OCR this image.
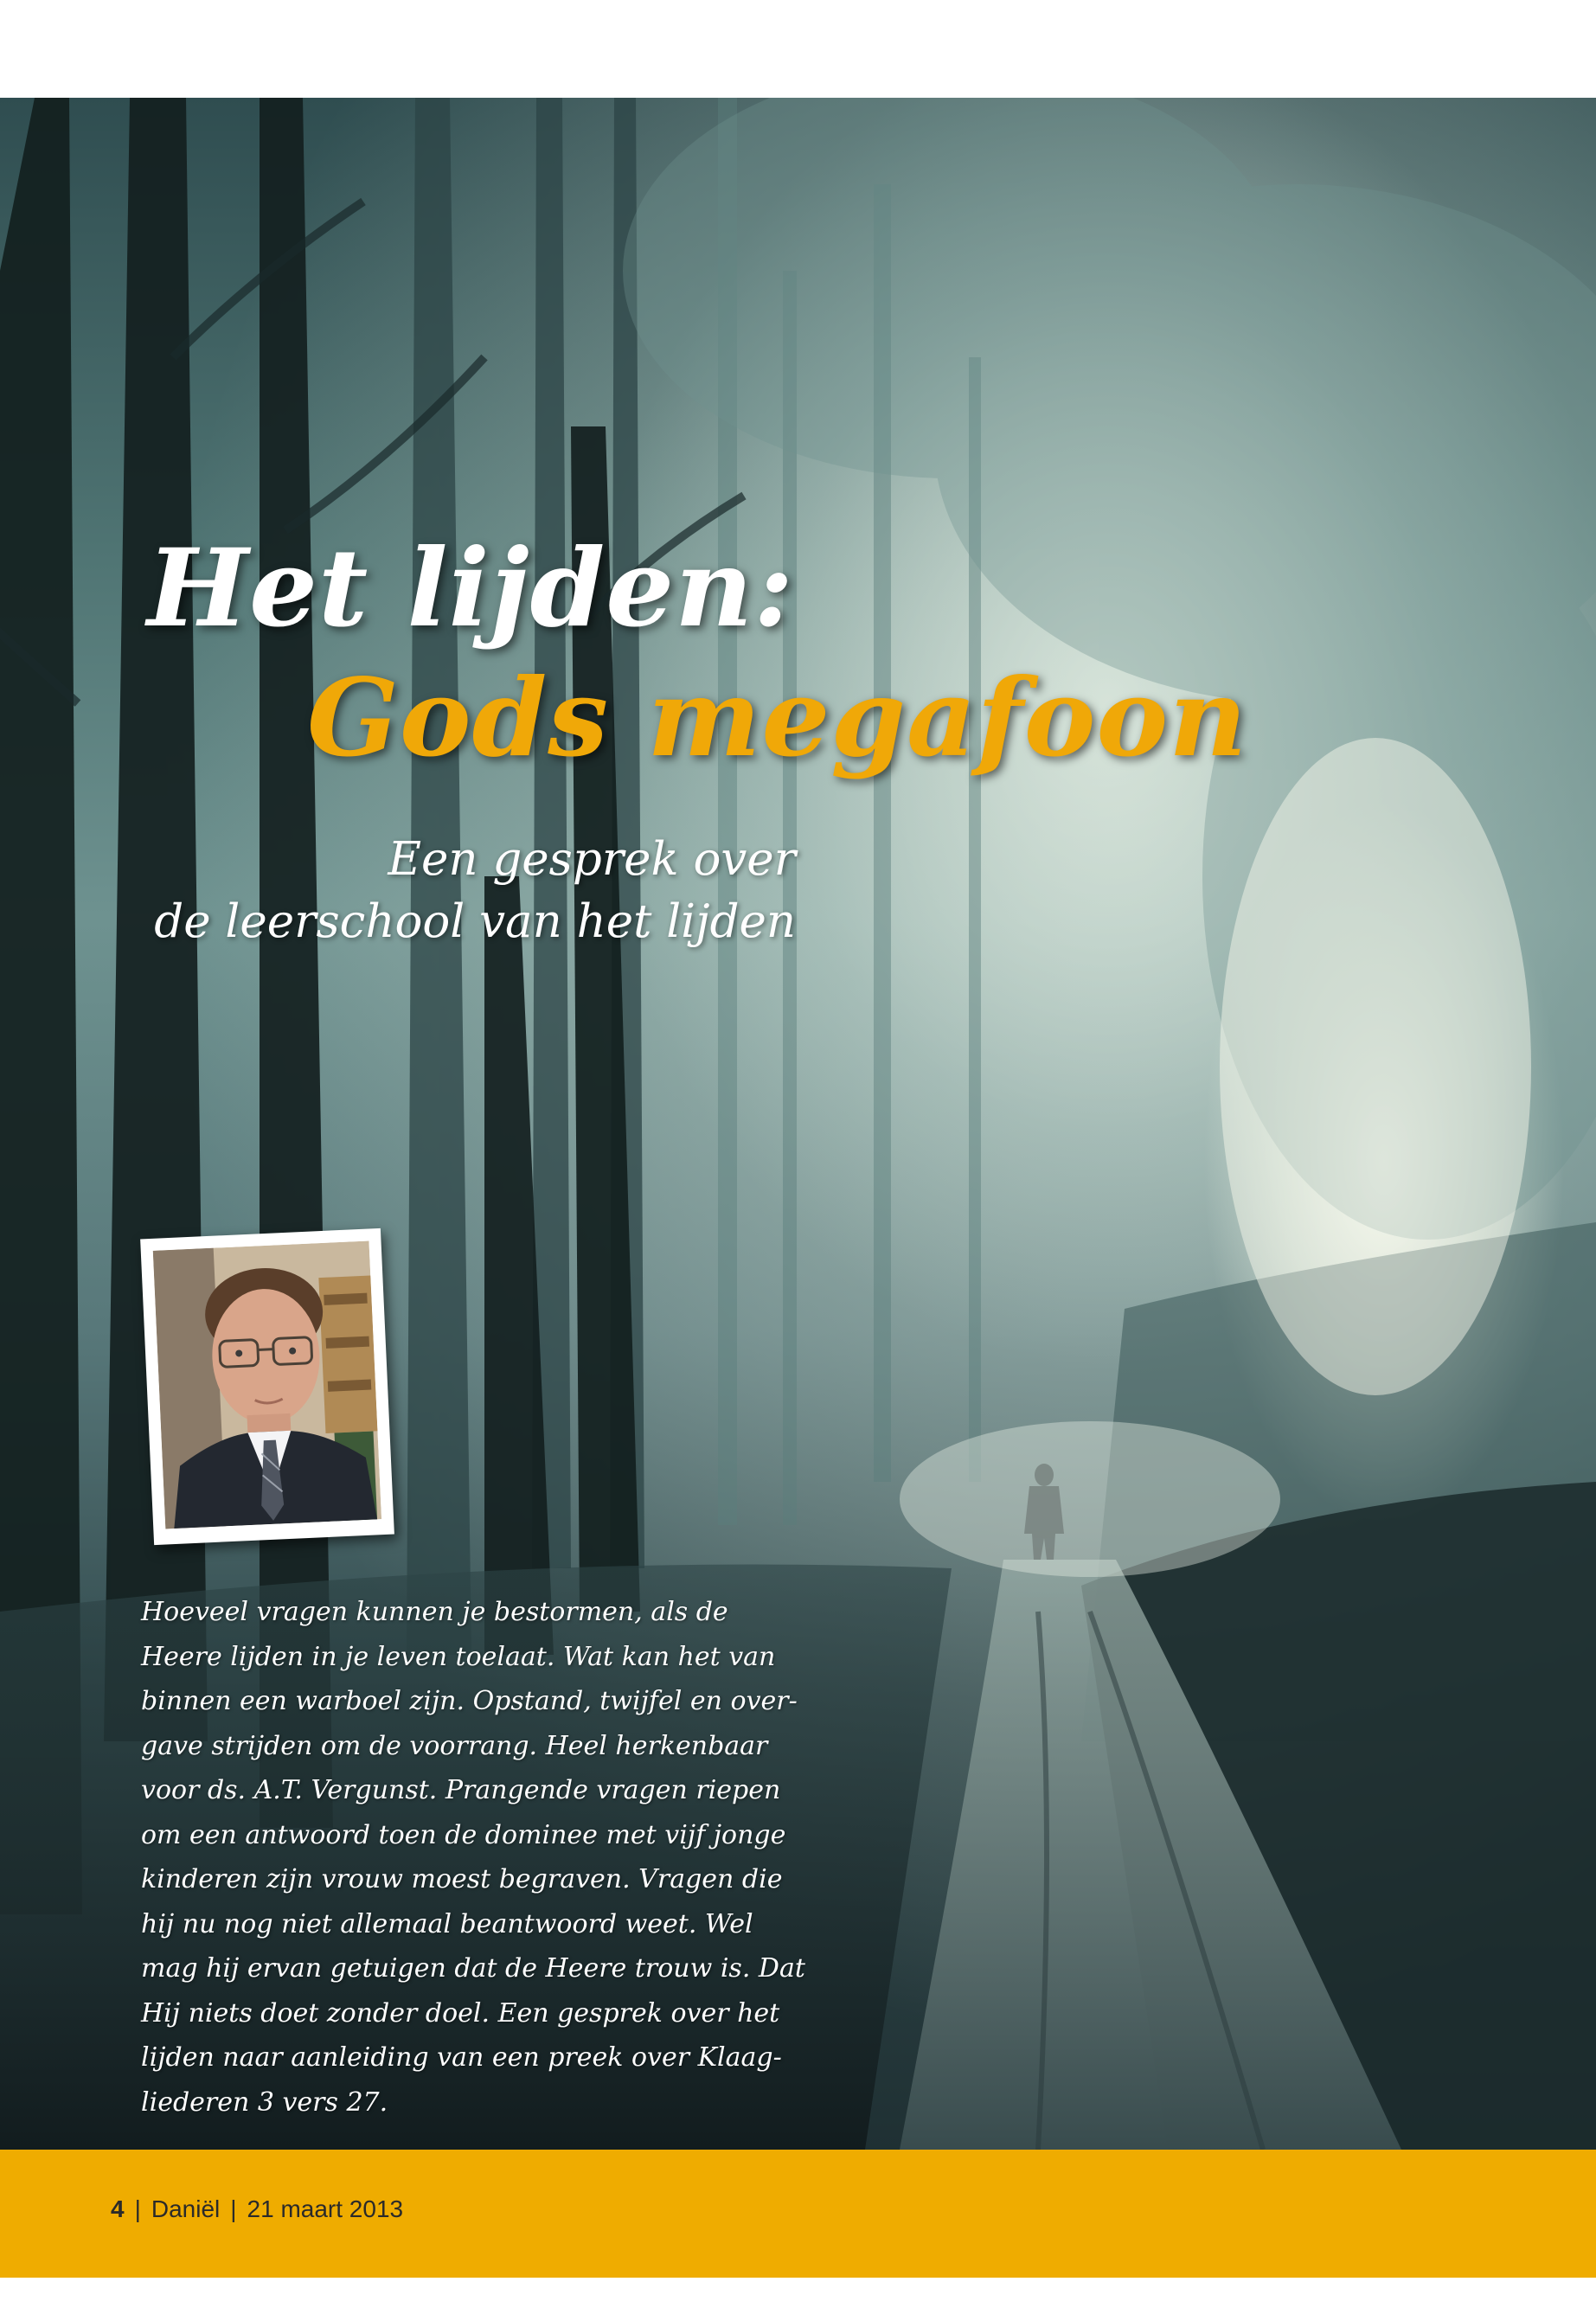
Het lijden:
Gods megafoon
Een gesprek over
de leerschool van het lijden
Hoeveel vragen kunnen je bestormen, als de
Heere lijden in je leven toelaat. Wat kan het van
binnen een warboel zijn. Opstand, twijfel en over-
gave strijden om de voorrang. Heel herkenbaar
voor ds. A.T. Vergunst. Prangende vragen riepen
om een antwoord toen de dominee met vijf jonge
kinderen zijn vrouw moest begraven. Vragen die
hij nu nog niet allemaal beantwoord weet. Wel
mag hij ervan getuigen dat de Heere trouw is. Dat
Hij niets doet zonder doel. Een gesprek over het
lijden naar aanleiding van een preek over Klaag-
liederen 3 vers 27.
4 | Daniël | 21 maart 2013
